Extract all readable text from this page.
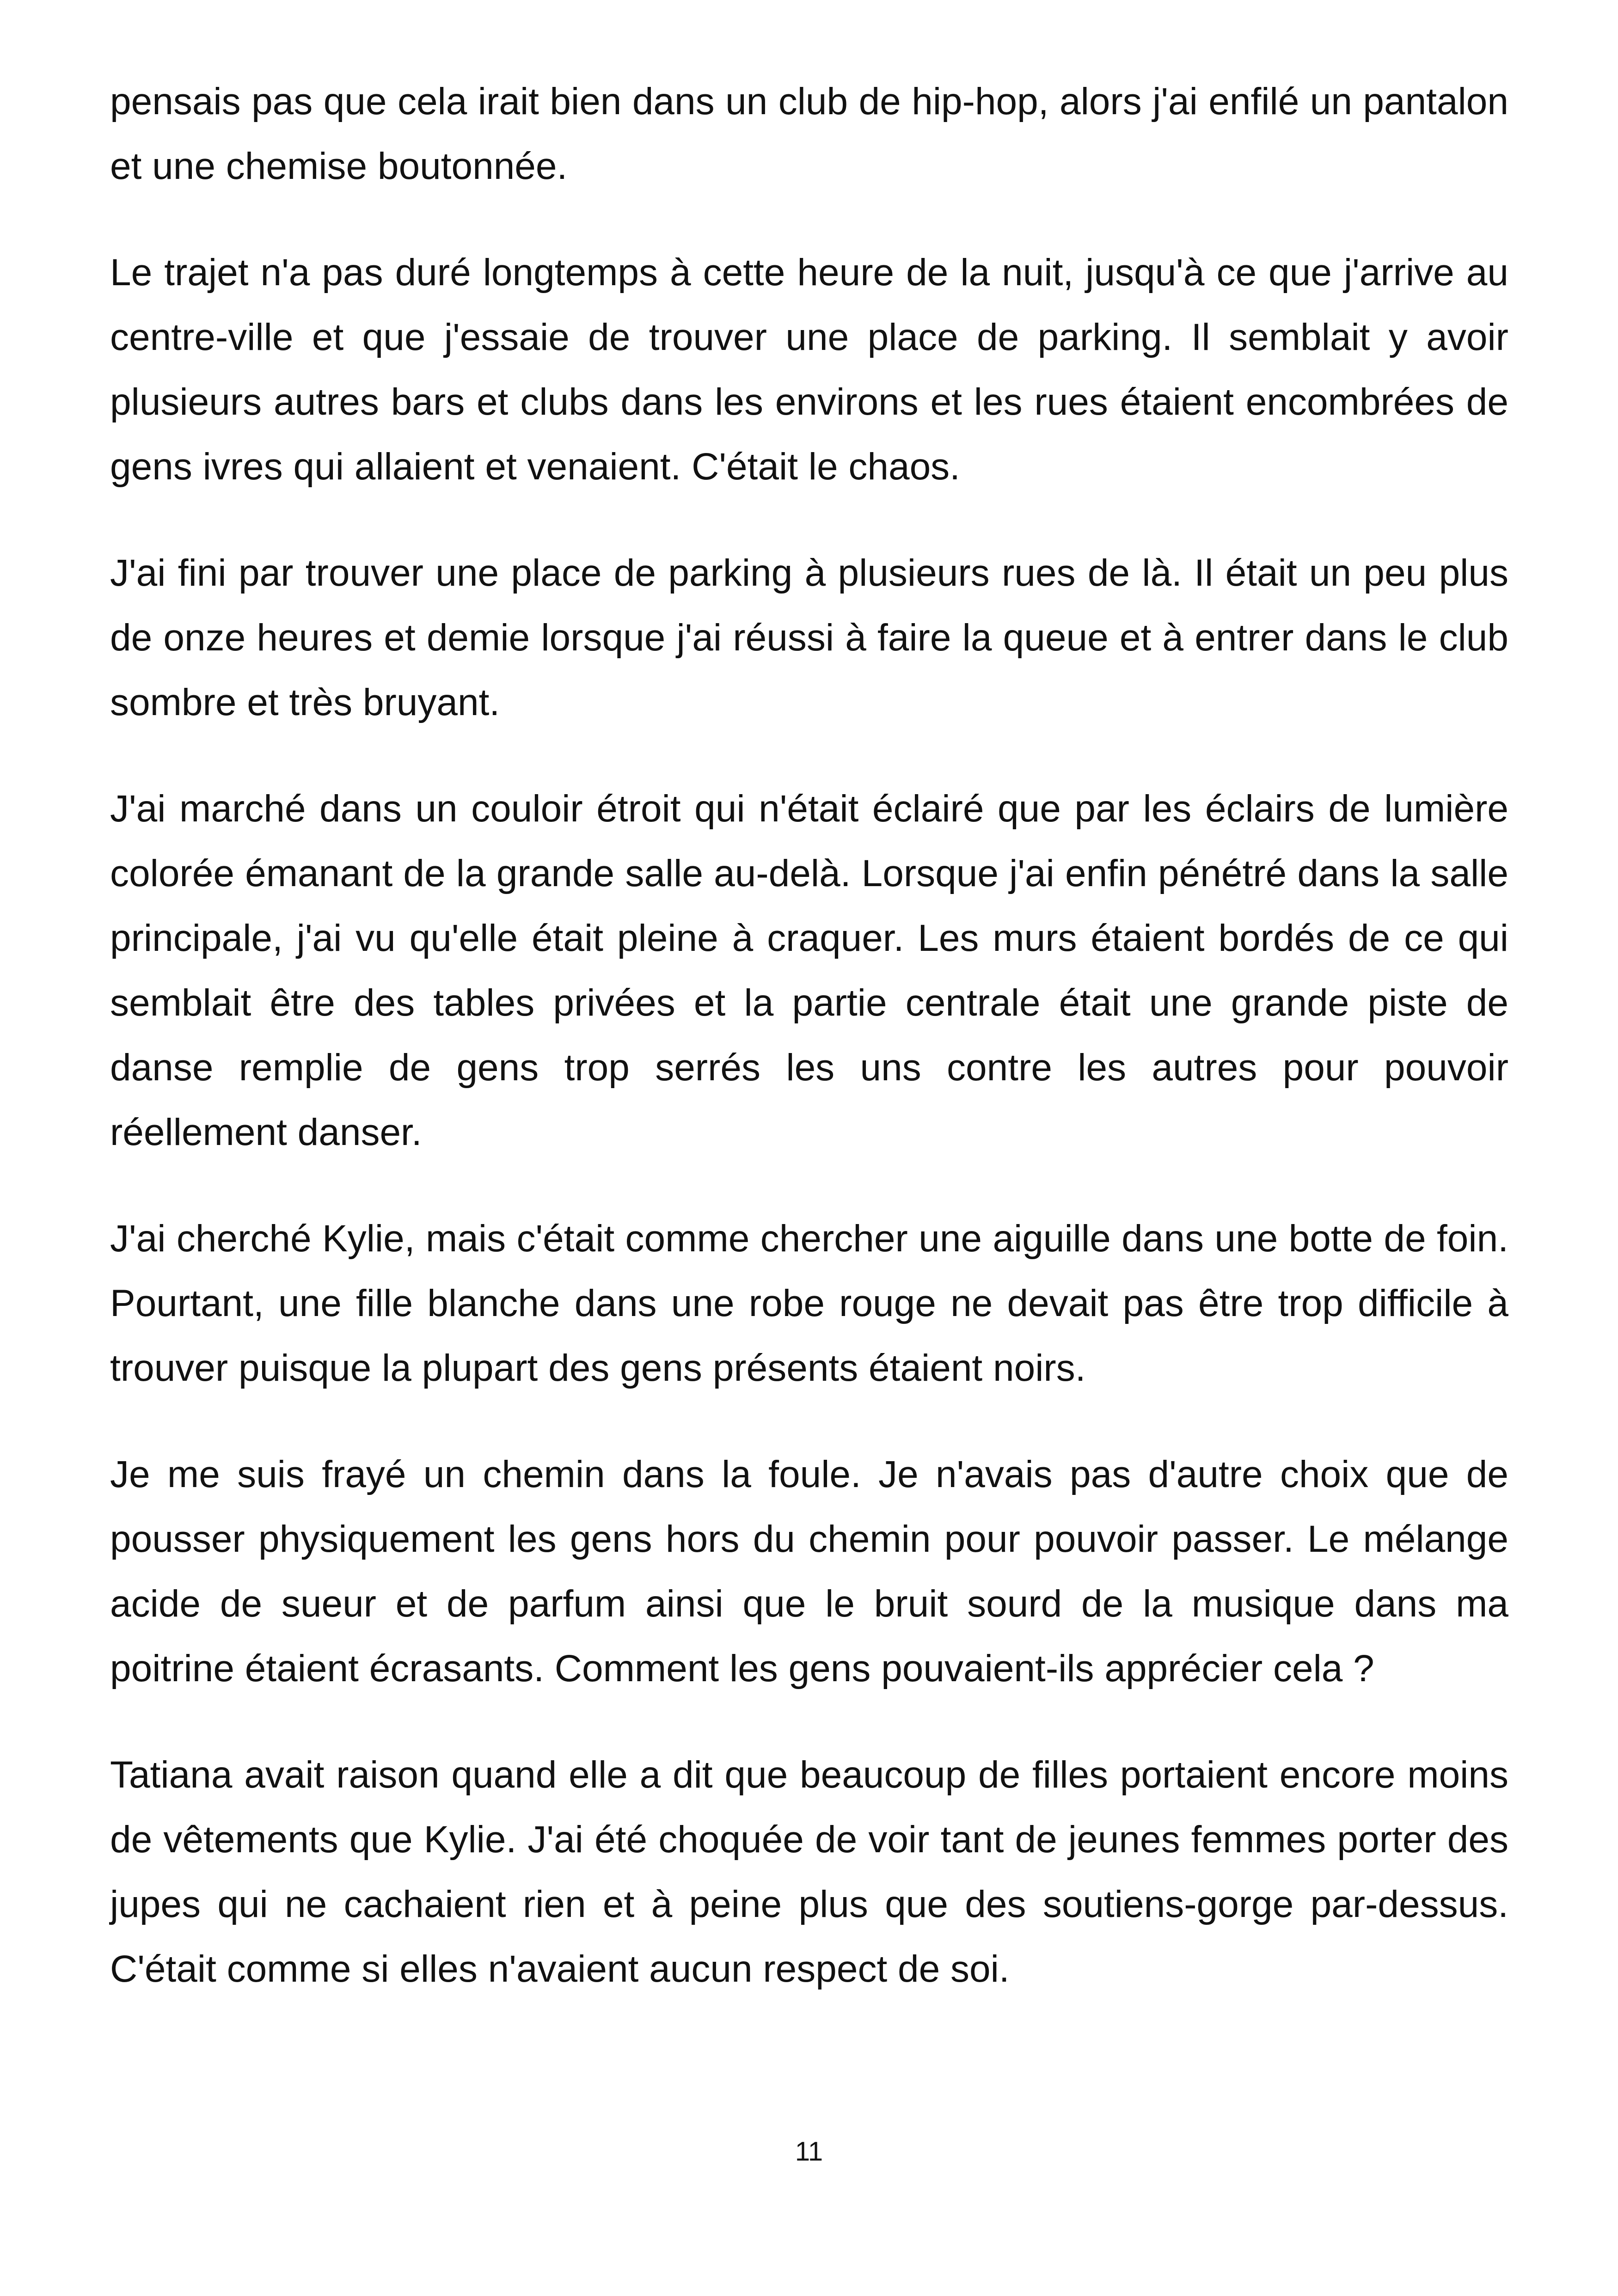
pensais pas que cela irait bien dans un club de hip-hop, alors j'ai enfilé un pantalon et une chemise boutonnée.

Le trajet n'a pas duré longtemps à cette heure de la nuit, jusqu'à ce que j'arrive au centre-ville et que j'essaie de trouver une place de parking. Il semblait y avoir plusieurs autres bars et clubs dans les environs et les rues étaient encombrées de gens ivres qui allaient et venaient. C'était le chaos.

J'ai fini par trouver une place de parking à plusieurs rues de là. Il était un peu plus de onze heures et demie lorsque j'ai réussi à faire la queue et à entrer dans le club sombre et très bruyant.

J'ai marché dans un couloir étroit qui n'était éclairé que par les éclairs de lumière colorée émanant de la grande salle au-delà. Lorsque j'ai enfin pénétré dans la salle principale, j'ai vu qu'elle était pleine à craquer. Les murs étaient bordés de ce qui semblait être des tables privées et la partie centrale était une grande piste de danse remplie de gens trop serrés les uns contre les autres pour pouvoir réellement danser.

J'ai cherché Kylie, mais c'était comme chercher une aiguille dans une botte de foin. Pourtant, une fille blanche dans une robe rouge ne devait pas être trop difficile à trouver puisque la plupart des gens présents étaient noirs.

Je me suis frayé un chemin dans la foule. Je n'avais pas d'autre choix que de pousser physiquement les gens hors du chemin pour pouvoir passer. Le mélange acide de sueur et de parfum ainsi que le bruit sourd de la musique dans ma poitrine étaient écrasants. Comment les gens pouvaient-ils apprécier cela ?

Tatiana avait raison quand elle a dit que beaucoup de filles portaient encore moins de vêtements que Kylie. J'ai été choquée de voir tant de jeunes femmes porter des jupes qui ne cachaient rien et à peine plus que des soutiens-gorge par-dessus. C'était comme si elles n'avaient aucun respect de soi.

11
